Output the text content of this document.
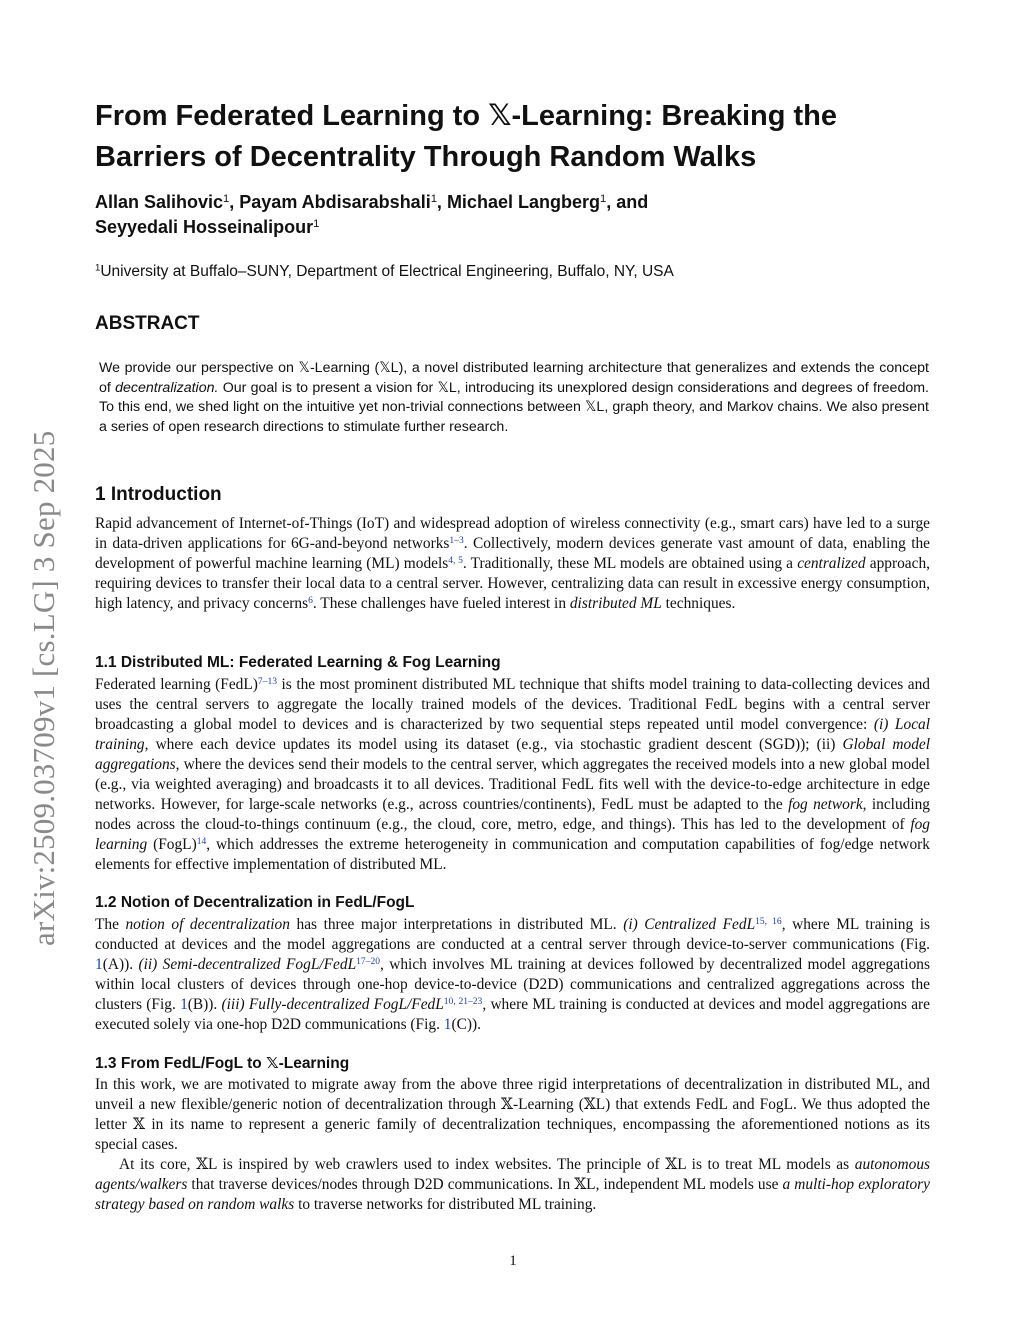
arXiv:2509.03709v1 [cs.LG] 3 Sep 2025
From Federated Learning to 𝕏-Learning: Breaking the Barriers of Decentrality Through Random Walks

Allan Salihovic$^1$, Payam Abdisarabshali$^1$, Michael Langberg$^1$, and
Seyyedali Hosseinalipour$^1$

$^1$University at Buffalo–SUNY, Department of Electrical Engineering, Buffalo, NY, USA
ABSTRACT

We provide our perspective on 𝕏-Learning (𝕏L), a novel distributed learning architecture that generalizes and extends the concept of decentralization. Our goal is to present a vision for 𝕏L, introducing its unexplored design considerations and degrees of freedom. To this end, we shed light on the intuitive yet non-trivial connections between 𝕏L, graph theory, and Markov chains. We also present a series of open research directions to stimulate further research.

1 Introduction

Rapid advancement of Internet-of-Things (IoT) and widespread adoption of wireless connectivity (e.g., smart cars) have led to a surge in data-driven applications for 6G-and-beyond networks$^{1-3}$. Collectively, modern devices generate vast amount of data, enabling the development of powerful machine learning (ML) models$^{4, 5}$. Traditionally, these ML models are obtained using a centralized approach, requiring devices to transfer their local data to a central server. However, centralizing data can result in excessive energy consumption, high latency, and privacy concerns$^6$. These challenges have fueled interest in distributed ML techniques.

1.1 Distributed ML: Federated Learning & Fog Learning

Federated learning (FedL)$^{7-13}$ is the most prominent distributed ML technique that shifts model training to data-collecting devices and uses the central servers to aggregate the locally trained models of the devices. Traditional FedL begins with a central server broadcasting a global model to devices and is characterized by two sequential steps repeated until model convergence: (i) Local training, where each device updates its model using its dataset (e.g., via stochastic gradient descent (SGD)); (ii) Global model aggregations, where the devices send their models to the central server, which aggregates the received models into a new global model (e.g., via weighted averaging) and broadcasts it to all devices. Traditional FedL fits well with the device-to-edge architecture in edge networks. However, for large-scale networks (e.g., across countries/continents), FedL must be adapted to the fog network, including nodes across the cloud-to-things continuum (e.g., the cloud, core, metro, edge, and things). This has led to the development of fog learning (FogL)$^{14}$, which addresses the extreme heterogeneity in communication and computation capabilities of fog/edge network elements for effective implementation of distributed ML.

1.2 Notion of Decentralization in FedL/FogL

The notion of decentralization has three major interpretations in distributed ML. (i) Centralized FedL$^{15, 16}$, where ML training is conducted at devices and the model aggregations are conducted at a central server through device-to-server communications (Fig. 1(A)). (ii) Semi-decentralized FogL/FedL$^{17-20}$, which involves ML training at devices followed by decentralized model aggregations within local clusters of devices through one-hop device-to-device (D2D) communications and centralized aggregations across the clusters (Fig. 1(B)). (iii) Fully-decentralized FogL/FedL$^{10, 21-23}$, where ML training is conducted at devices and model aggregations are executed solely via one-hop D2D communications (Fig. 1(C)).

1.3 From FedL/FogL to 𝕏-Learning

In this work, we are motivated to migrate away from the above three rigid interpretations of decentralization in distributed ML, and unveil a new flexible/generic notion of decentralization through 𝕏-Learning (𝕏L) that extends FedL and FogL. We thus adopted the letter 𝕏 in its name to represent a generic family of decentralization techniques, encompassing the aforementioned notions as its special cases.

At its core, 𝕏L is inspired by web crawlers used to index websites. The principle of 𝕏L is to treat ML models as autonomous agents/walkers that traverse devices/nodes through D2D communications. In 𝕏L, independent ML models use a multi-hop exploratory strategy based on random walks to traverse networks for distributed ML training.

1
